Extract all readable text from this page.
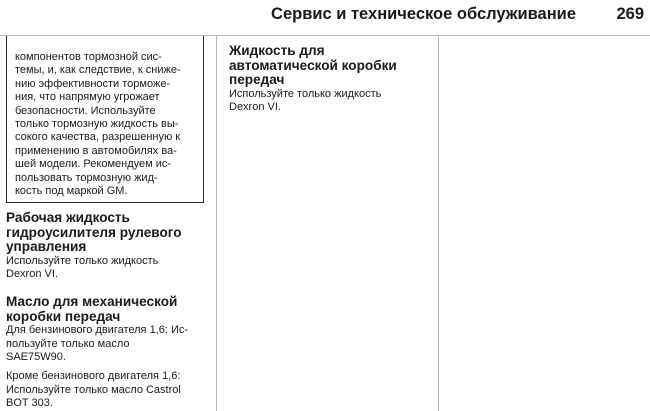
Сервис и техническое обслуживание 269
компонентов тормозной сис-
темы, и, как следствие, к сниже-
нию эффективности торможе-
ния, что напрямую угрожает
безопасности. Используйте
только тормозную жидкость вы-
сокого качества, разрешенную к
применению в автомобилях ва-
шей модели. Рекомендуем ис-
пользовать тормозную жид-
кость под маркой GM.
Рабочая жидкость
гидроусилителя рулевого
управления
Используйте только жидкость
Dexron VI.
Масло для механической
коробки передач
Для бензинового двигателя 1,6: Ис-
пользуйте только масло
SAE75W90.
Кроме бензинового двигателя 1,6:
Используйте только масло Castrol
BOT 303.
Жидкость для
автоматической коробки
передач
Используйте только жидкость
Dexron VI.
